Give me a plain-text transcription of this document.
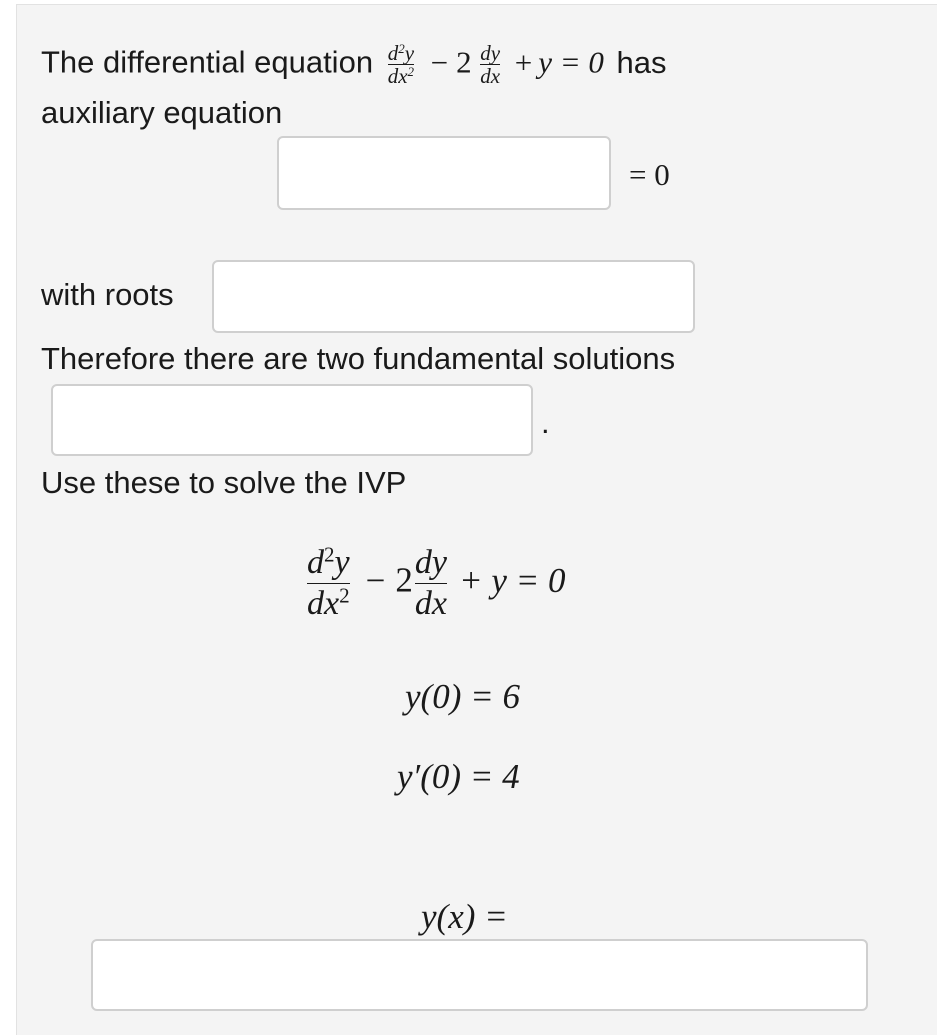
The differential equation $\frac{d^2y}{dx^2} - 2 \frac{dy}{dx} + y = 0$ has
auxiliary equation
= 0
with roots
Therefore there are two fundamental solutions
.
Use these to solve the IVP
$\frac{d^2y}{dx^2} - 2 \frac{dy}{dx} + y = 0$
y(0) = 6
y′(0) = 4
y(x) =
